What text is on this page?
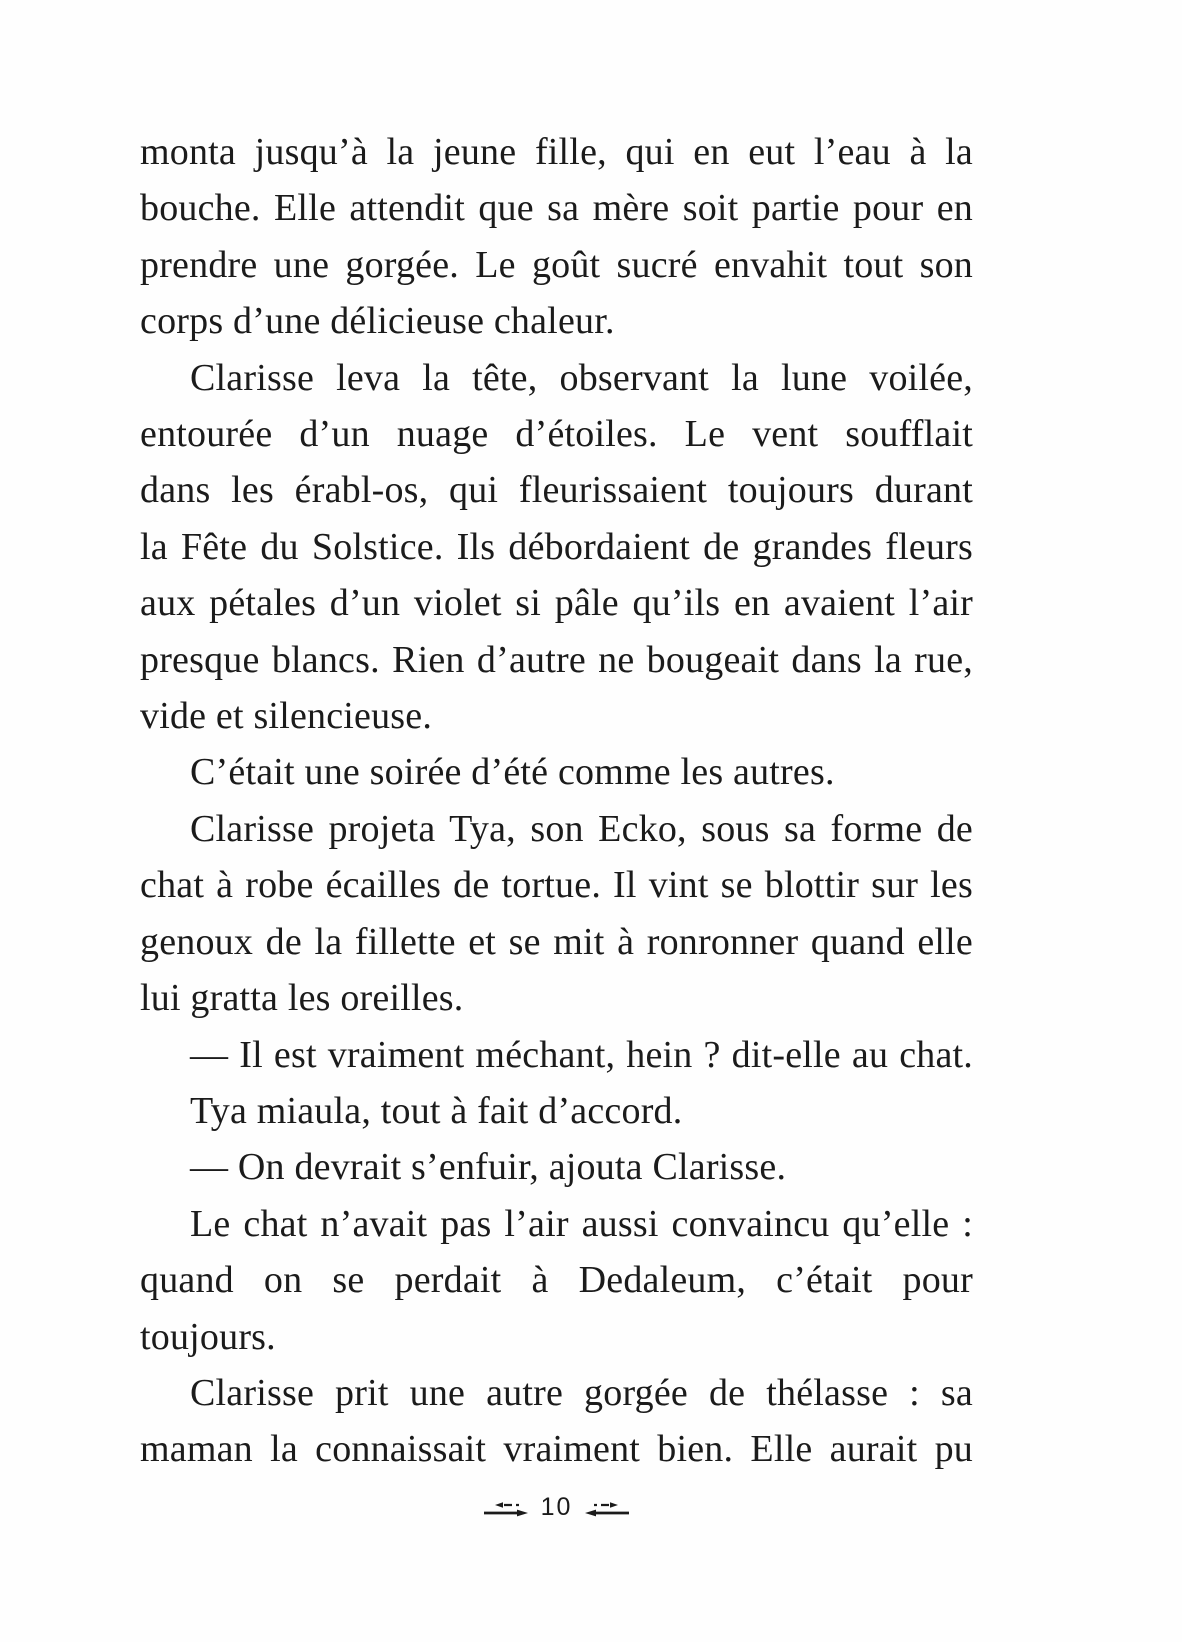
monta jusqu’à la jeune fille, qui en eut l’eau à la
bouche. Elle attendit que sa mère soit partie pour en
prendre une gorgée. Le goût sucré envahit tout son
corps d’une délicieuse chaleur.
Clarisse leva la tête, observant la lune voilée,
entourée d’un nuage d’étoiles. Le vent soufflait
dans les érabl-os, qui fleurissaient toujours durant
la Fête du Solstice. Ils débordaient de grandes fleurs
aux pétales d’un violet si pâle qu’ils en avaient l’air
presque blancs. Rien d’autre ne bougeait dans la rue,
vide et silencieuse.
C’était une soirée d’été comme les autres.
Clarisse projeta Tya, son Ecko, sous sa forme de
chat à robe écailles de tortue. Il vint se blottir sur les
genoux de la fillette et se mit à ronronner quand elle
lui gratta les oreilles.
— Il est vraiment méchant, hein ? dit-elle au chat.
Tya miaula, tout à fait d’accord.
— On devrait s’enfuir, ajouta Clarisse.
Le chat n’avait pas l’air aussi convaincu qu’elle :
quand on se perdait à Dedaleum, c’était pour toujours.
Clarisse prit une autre gorgée de thélasse : sa
maman la connaissait vraiment bien. Elle aurait pu
10
